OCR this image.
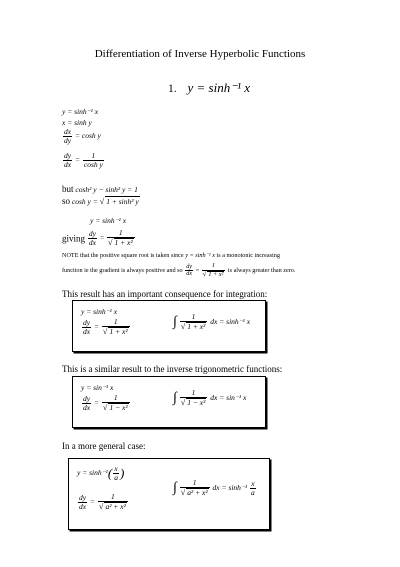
Differentiation of Inverse Hyperbolic Functions
1. y = sinh⁻¹ x
y = sinh⁻¹ x
x = sinh y
$\frac{dx}{dy} = \cosh y$
$\frac{dy}{dx} = \frac{1}{\text{cosh y}}$
but cosh² y − sinh² y = 1
so cosh y = √ 1 + sinh² y
y = sinh⁻¹ x
giving $\frac{dy}{dx} = \frac{1}{\text{√ 1 + x²}}$
NOTE that the positive square root is taken since y = sinh⁻¹ x is a monotonic increasing
function ie the gradient is always positive and so $\frac{dy}{dx} = \frac{1}{\text{√ 1 + x²}}$ is always greater than zero.
This result has an important consequence for integration:
y = sinh⁻¹ x
$\frac{dy}{dx} = \frac{1}{\text{√ 1 + x²}}$	∫ $\frac{1}{\text{√ 1 + x²}}$ dx = sinh⁻¹ x
This is a similar result to the inverse trigonometric functions:
y = sin⁻¹ x
$\frac{dy}{dx} = \frac{1}{\text{√ 1 − x²}}$	∫ $\frac{1}{\text{√ 1 − x²}}$ dx = sin⁻¹ x
In a more general case:
$y = \sinh^{-1}( \frac{x}{a}$ )
$\frac{dy}{dx} = \frac{1}{\text{√ a² + x²}}$
∫ $\frac{1}{\text{√ a² + x²}}$ dx = $\sinh^{-1} \frac{x}{a}$
